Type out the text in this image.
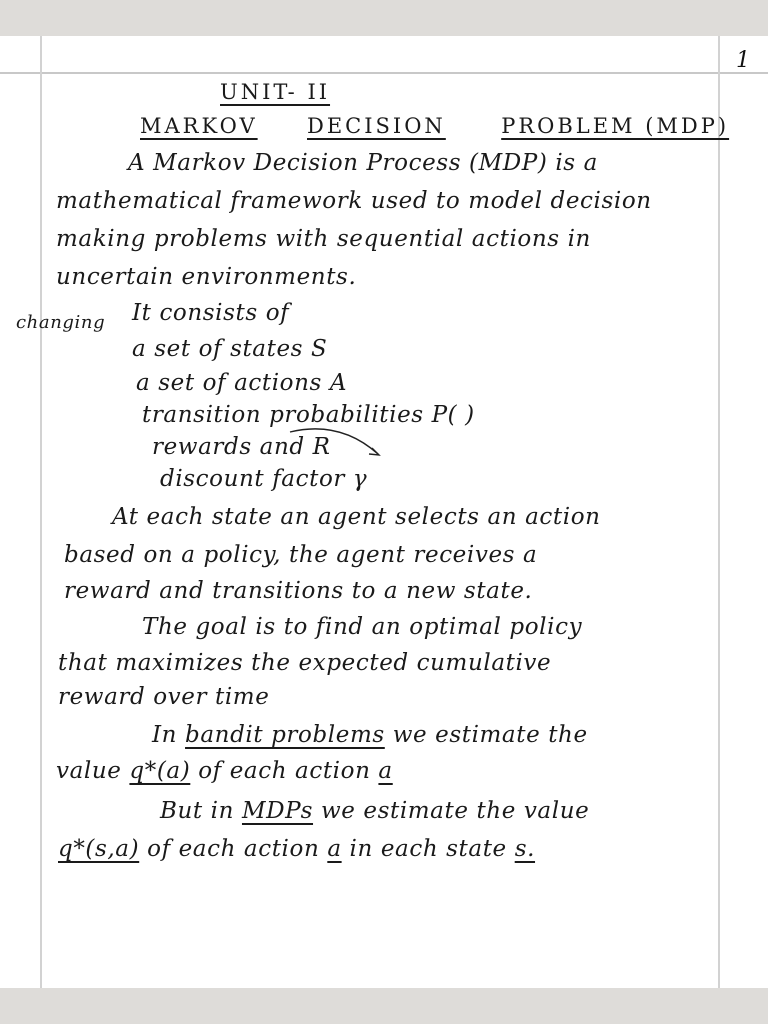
1
UNIT- II
MARKOV DECISION	PROBLEM (MDP)
A Markov Decision Process (MDP) is a
mathematical framework used to model decision
making problems with sequential actions in
uncertain environments.
changing It consists of
a set of states S
a set of actions A
transition probabilities P( )
rewards and R
discount factor γ
At each state an agent selects an action
based on a policy, the agent receives a
reward and transitions to a new state.
The goal is to find an optimal policy
that maximizes the expected cumulative
reward over time
In bandit problems we estimate the
value q*(a) of each action a
But in MDPs we estimate the value
q*(s,a) of each action a in each state s.
